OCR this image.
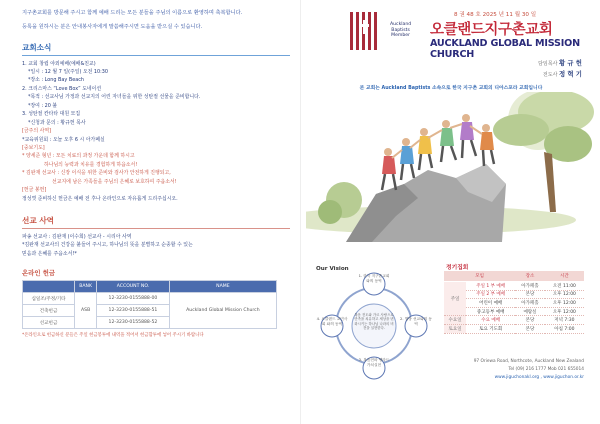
지구촌교회를 방문해 주시고 함께 예배 드리는 모든 분들을 주님의 이름으로 환영하며 축복합니다.

등록을 원하시는 분은 안내봉사자에게 말씀해주시면 도움을 받으실 수 있습니다.

교회소식
1. 교회 창립 야외예배(예배&친교)
*일시 : 12 월 7 일(주일) 오전 10:30
*장소 : Long Bay Beach
2. 크리스마스 “Love Box” 도네이션
*목적 : 선교사님 가정과 선교지의 어린 자녀들을 위한 성탄절 선물을 준비합니다.
*장여 : 20 불
3. 성탄절 칸타타 대원 모집
*신청과 문의 : 황규헌 목사
[금주의 사역]
*교육위원회 : 오늘 오후 6 시 아가페실
[중보기도]
* 양세준 형년 : 모든 치료의 과정 가운데 함께 하시고
하나님의 능력과 치유를 경험하게 하옵소서!
* 김완재 선교사 : 신장 이식을 위한 준비와 검사가 안전하게 진행되고,
선교지에 남은 가족들을 주님의 은혜로 보호하여 주옵소서!
[헌금 봉헌]
정성껏 준비하신 헌금은 예배 전 후나 온라인으로 자유롭게 드리주십시오.
선교 사역
파송 선교사 : 김완재 (이수희) 선교사 - 시리아 사역
*김완재 선교사의 건강을 붙들어 주시고, 하나님의 뜻을 분별하고 순종할 수 있는
믿음과 은혜를 주옵소서!*
온라인 헌금
	BANK	ACCOUNT NO.	NAME
십일조/주정/기타	ASB	12-3230-0155888-00	Auckland Global Mission Church
건축헌금		12-3230-0155888-51	
선교헌금		12-3230-0155888-52	
*온라인으로 헌금하신 분들은 주일 헌금봉투에 내역을 적어서 헌금함투에 넣어 주시기 바랍니다
8 권 48 호 2025 년 11 월 30 일
Auckland
Baptists
Member 오클랜드지구촌교회
AUCKLAND GLOBAL MISSION CHURCH
담임목사 황 규 헌
전도사 정 혁 기
본 교회는 Auckland Baptists 소속으로 한국 지구촌 교회의 디아스포라 교회입니다
Our Vision
1. 한국 지구촌교회 와의 동역
2. 열방 선교와의 동역
3. 복음전파 헬라드 가치실현
4. 오클랜드 교민사회 와의 동역
복음 전도와 가르 사랑으로 만족을 치유하고 세상을 변화시키는 하나님 나라의 비전을 실현한다.
정기집회
모임		장소	시간
주일	주일 1 부 예배	아가페홀	오전 11:00
	주일 2 부 예배	본당	오후 12:00
	어린이 예배	아가페홀	오후 12:00
	중고등부 예배	예람실	오후 12:00
수요일	수요 예배	본당	저녁 7:30
토요일	토요 기도회	본당	아침 7:00
97 Oriewa Road, Northcote, Auckland New Zealand
Tel (09) 216 1777 Mob 021 655014
www.jiguchonakl.org , www.jiguchon.or.kr
